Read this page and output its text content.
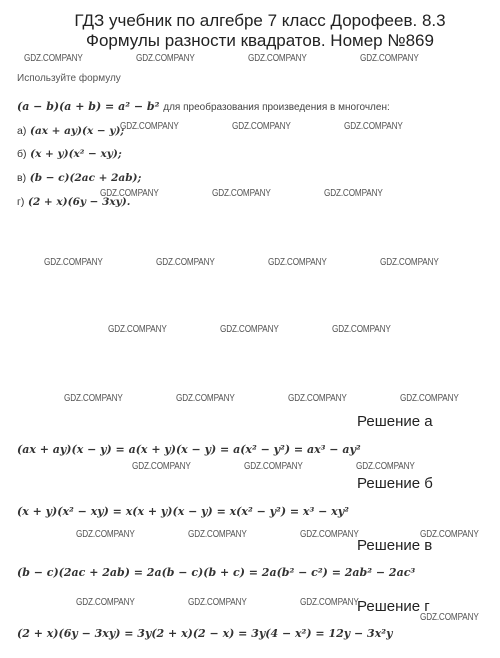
ГДЗ учебник по алгебре 7 класс Дорофеев. 8.3 Формулы разности квадратов. Номер №869
GDZ.COMPANY	GDZ.COMPANY	GDZ.COMPANY	GDZ.COMPANY
GDZ.COMPANY	GDZ.COMPANY	GDZ.COMPANY
GDZ.COMPANY	GDZ.COMPANY	GDZ.COMPANY
GDZ.COMPANY	GDZ.COMPANY	GDZ.COMPANY	GDZ.COMPANY
GDZ.COMPANY	GDZ.COMPANY	GDZ.COMPANY
GDZ.COMPANY	GDZ.COMPANY	GDZ.COMPANY	GDZ.COMPANY
GDZ.COMPANY	GDZ.COMPANY	GDZ.COMPANY
GDZ.COMPANY	GDZ.COMPANY	GDZ.COMPANY	GDZ.COMPANY
GDZ.COMPANY	GDZ.COMPANY	GDZ.COMPANY
GDZ.COMPANY
Используйте формулу
(a − b)(a + b) = a² − b² для преобразования произведения в многочлен:
а) (ax + ay)(x − y);
б) (x + y)(x² − xy);
в) (b − c)(2ac + 2ab);
г) (2 + x)(6y − 3xy).
Решение а
(ax + ay)(x − y) = a(x + y)(x − y) = a(x² − y²) = ax³ − ay²
Решение б
(x + y)(x² − xy) = x(x + y)(x − y) = x(x² − y²) = x³ − xy²
Решение в
(b − c)(2ac + 2ab) = 2a(b − c)(b + c) = 2a(b² − c²) = 2ab² − 2ac³
Решение г
(2 + x)(6y − 3xy) = 3y(2 + x)(2 − x) = 3y(4 − x²) = 12y − 3x²y
